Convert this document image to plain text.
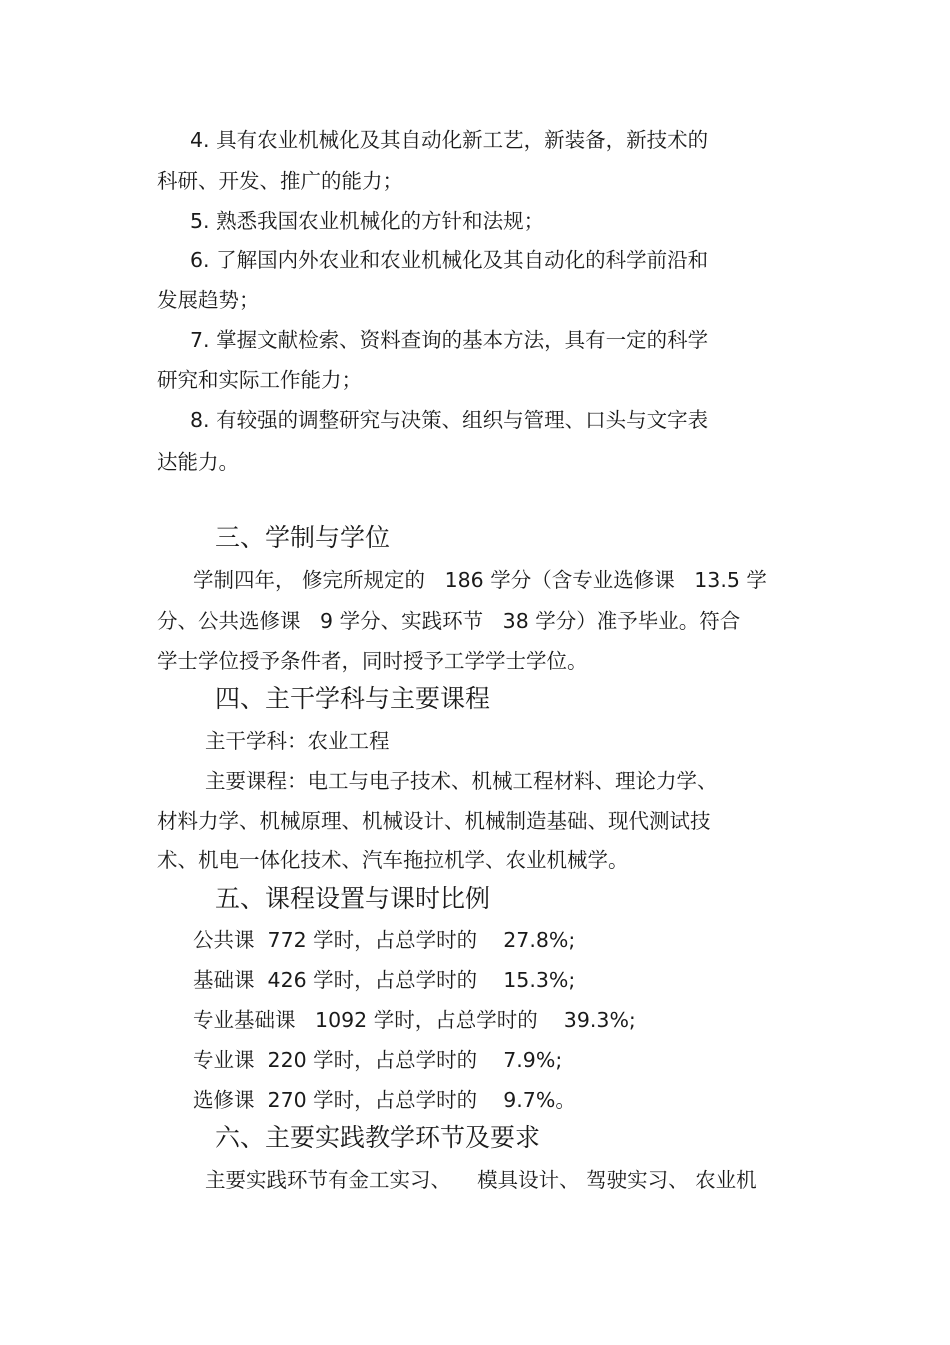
4. 具有农业机械化及其自动化新工艺，新装备，新技术的
科研、开发、推广的能力；
5. 熟悉我国农业机械化的方针和法规；
6. 了解国内外农业和农业机械化及其自动化的科学前沿和
发展趋势；
7. 掌握文献检索、资料查询的基本方法，具有一定的科学
研究和实际工作能力；
8. 有较强的调整研究与决策、组织与管理、口头与文字表
达能力。
三、学制与学位
学制四年， 修完所规定的   186 学分（含专业选修课   13.5 学
分、公共选修课   9 学分、实践环节   38 学分）准予毕业。符合
学士学位授予条件者，同时授予工学学士学位。
四、主干学科与主要课程
主干学科：农业工程
主要课程：电工与电子技术、机械工程材料、理论力学、
材料力学、机械原理、机械设计、机械制造基础、现代测试技
术、机电一体化技术、汽车拖拉机学、农业机械学。
五、课程设置与课时比例
公共课  772 学时，占总学时的    27.8%;
基础课  426 学时，占总学时的    15.3%;
专业基础课   1092 学时，占总学时的    39.3%;
专业课  220 学时，占总学时的    7.9%;
选修课  270 学时，占总学时的    9.7%。
六、主要实践教学环节及要求
主要实践环节有金工实习、    模具设计、 驾驶实习、 农业机
